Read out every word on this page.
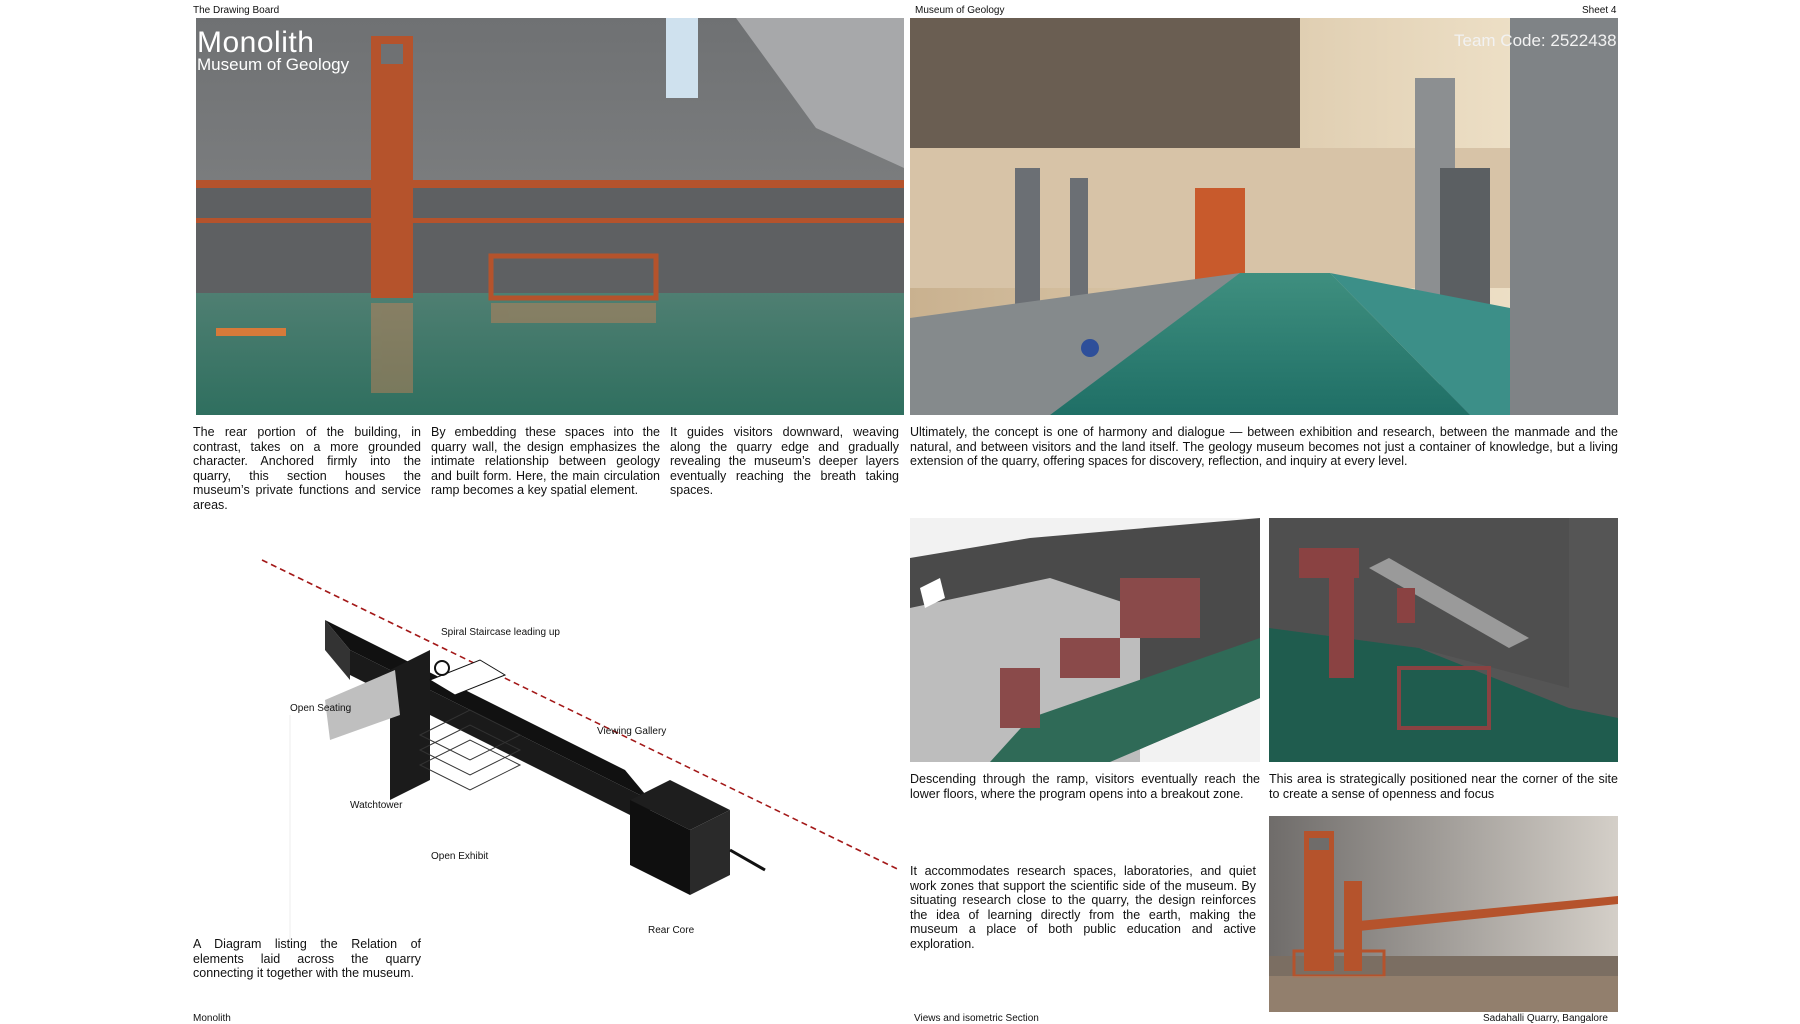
The Drawing Board	Museum of Geology	Sheet 4
Monolith
Museum of Geology
Team Code: 2522438
The rear portion of the building, in contrast, takes on a more grounded character. Anchored firmly into the quarry, this section houses the museum’s private functions and service areas.
By embedding these spaces into the quarry wall, the design emphasizes the intimate relationship between geology and built form. Here, the main circulation ramp becomes a key spatial element.
It guides visitors downward, weaving along the quarry edge and gradually revealing the museum’s deeper layers eventually reaching the breath taking spaces.
Ultimately, the concept is one of harmony and dialogue — between exhibition and research, between the manmade and the natural, and between visitors and the land itself. The geology museum becomes not just a container of knowledge, but a living extension of the quarry, offering spaces for discovery, reflection, and inquiry at every level.
Spiral Staircase leading up
Open Seating
Viewing Gallery
Watchtower
Open Exhibit
Rear Core
A Diagram listing the Relation of elements laid across the quarry connecting it together with the museum.
Descending through the ramp, visitors eventually reach the lower floors, where the program opens into a breakout zone.
This area is strategically positioned near the corner of the site to create a sense of openness and focus
It accommodates research spaces, laboratories, and quiet work zones that support the scientific side of the museum. By situating research close to the quarry, the design reinforces the idea of learning directly from the earth, making the museum a place of both public education and active exploration.
Monolith	Views and isometric Section	Sadahalli Quarry, Bangalore
